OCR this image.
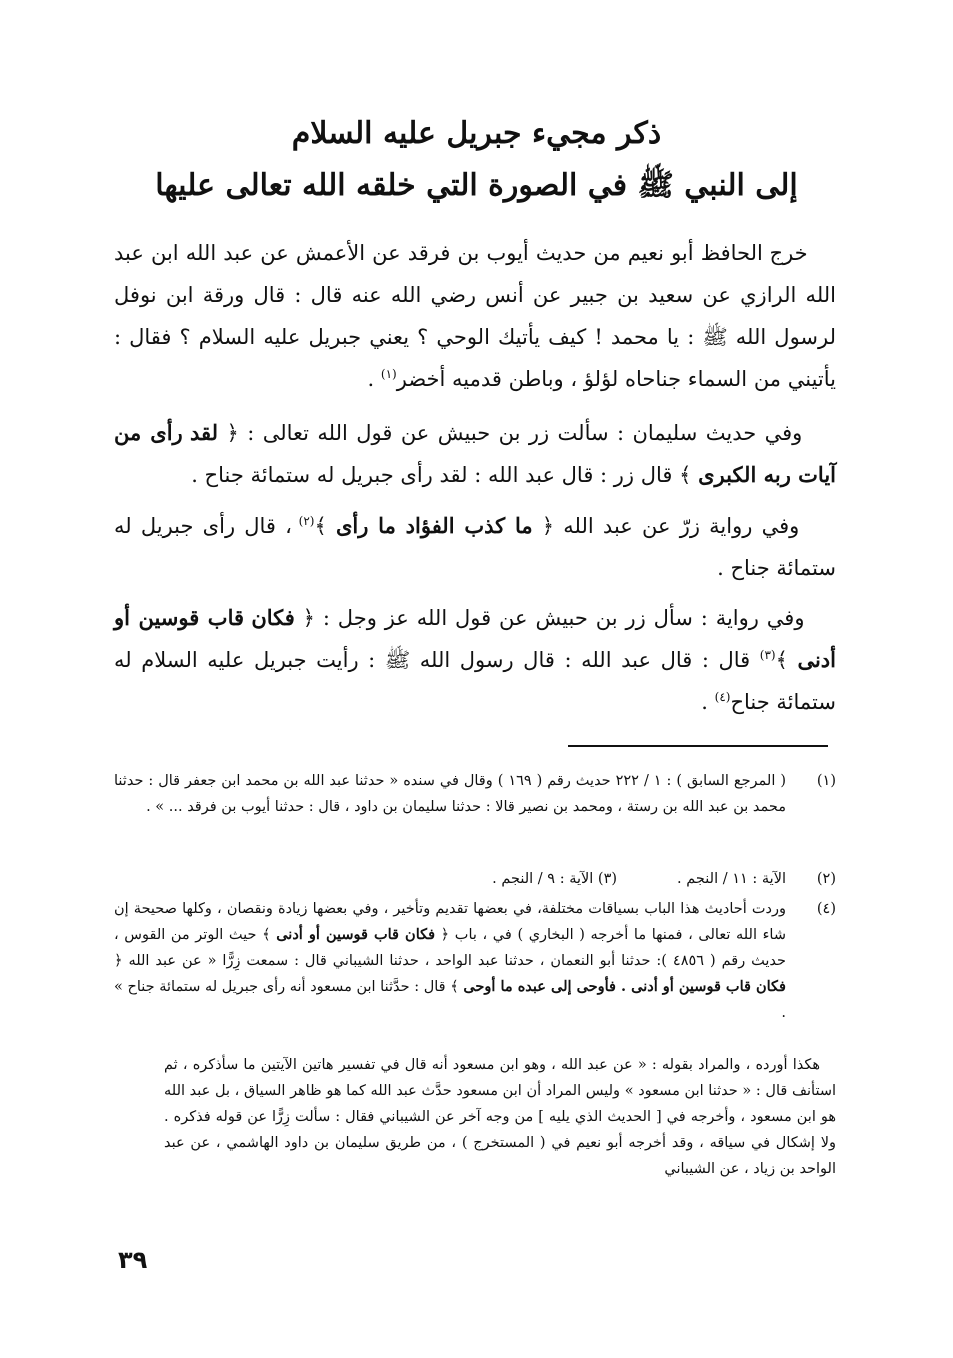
ذكر مجيء جبريل عليه السلام
إلى النبي ﷺ في الصورة التي خلقه الله تعالى عليها

خرج الحافظ أبو نعيم من حديث أيوب بن فرقد عن الأعمش عن عبد الله ابن عبد الله الرازي عن سعيد بن جبير عن أنس رضي الله عنه قال : قال ورقة ابن نوفل لرسول الله ﷺ : يا محمد ! كيف يأتيك الوحي ؟ يعني جبريل عليه السلام ؟ فقال : يأتيني من السماء جناحاه لؤلؤ ، وباطن قدميه أخضر$^{(١)}$ .

وفي حديث سليمان : سألت زر بن حبيش عن قول الله تعالى : ﴿ لقد رأى من آيات ربه الكبرى ﴾ قال زر : قال عبد الله : لقد رأى جبريل له ستمائة جناح .

وفي رواية زرّ عن عبد الله ﴿ ما كذب الفؤاد ما رأى ﴾$^{(٢)}$ ، قال رأى جبريل له ستمائة جناح .

وفي رواية : سأل زر بن حبيش عن قول الله عز وجل : ﴿ فكان قاب قوسين أو أدنى ﴾$^{(٣)}$ قال : قال عبد الله : قال رسول الله ﷺ : رأيت جبريل عليه السلام له ستمائة جناح$^{(٤)}$ .

(١)
( المرجع السابق ) : ١ / ٢٢٢ حديث رقم ( ١٦٩ ) وقال في سنده « حدثنا عبد الله بن محمد ابن جعفر قال : حدثنا محمد بن عبد الله بن رستة ، ومحمد بن نصير قالا : حدثنا سليمان بن داود ، قال : حدثنا أيوب بن فرقد ... » .
(٢)
الآية : ١١ / النجم .(٣) الآية : ٩ / النجم .
(٤)
وردت أحاديث هذا الباب بسياقات مختلفة، في بعضها تقديم وتأخير ، وفي بعضها زيادة ونقصان ، وكلها صحيحة إن شاء الله تعالى ، فمنها ما أخرجه ( البخاري ) في ، باب ﴿ فكان قاب قوسين أو أدنى ﴾ حيث الوتر من القوس ، حديث رقم ( ٤٨٥٦ ): حدثنا أبو النعمان ، حدثنا عبد الواحد ، حدثنا الشيباني قال : سمعت زِرًّا « عن عبد الله ﴿ فكان قاب قوسين أو أدنى . فأوحى إلى عبده ما أوحى ﴾ قال : حدَّثنا ابن مسعود أنه رأى جبريل له ستمائة جناح » .

هكذا أورده ، والمراد بقوله : « عن عبد الله ، وهو ابن مسعود أنه قال في تفسير هاتين الآيتين ما سأذكره ، ثم استأنف قال : « حدثنا ابن مسعود » وليس المراد أن ابن مسعود حدَّث عبد الله كما هو ظاهر السياق ، بل عبد الله هو ابن مسعود ، وأخرجه في [ الحديث الذي يليه ] من وجه آخر عن الشيباني فقال : سألت زِرًّا عن قوله فذكره . ولا إشكال في سياقه ، وقد أخرجه أبو نعيم في ( المستخرج ) ، من طريق سليمان بن داود الهاشمي ، عن عبد الواحد بن زياد ، عن الشيباني

٣٩
